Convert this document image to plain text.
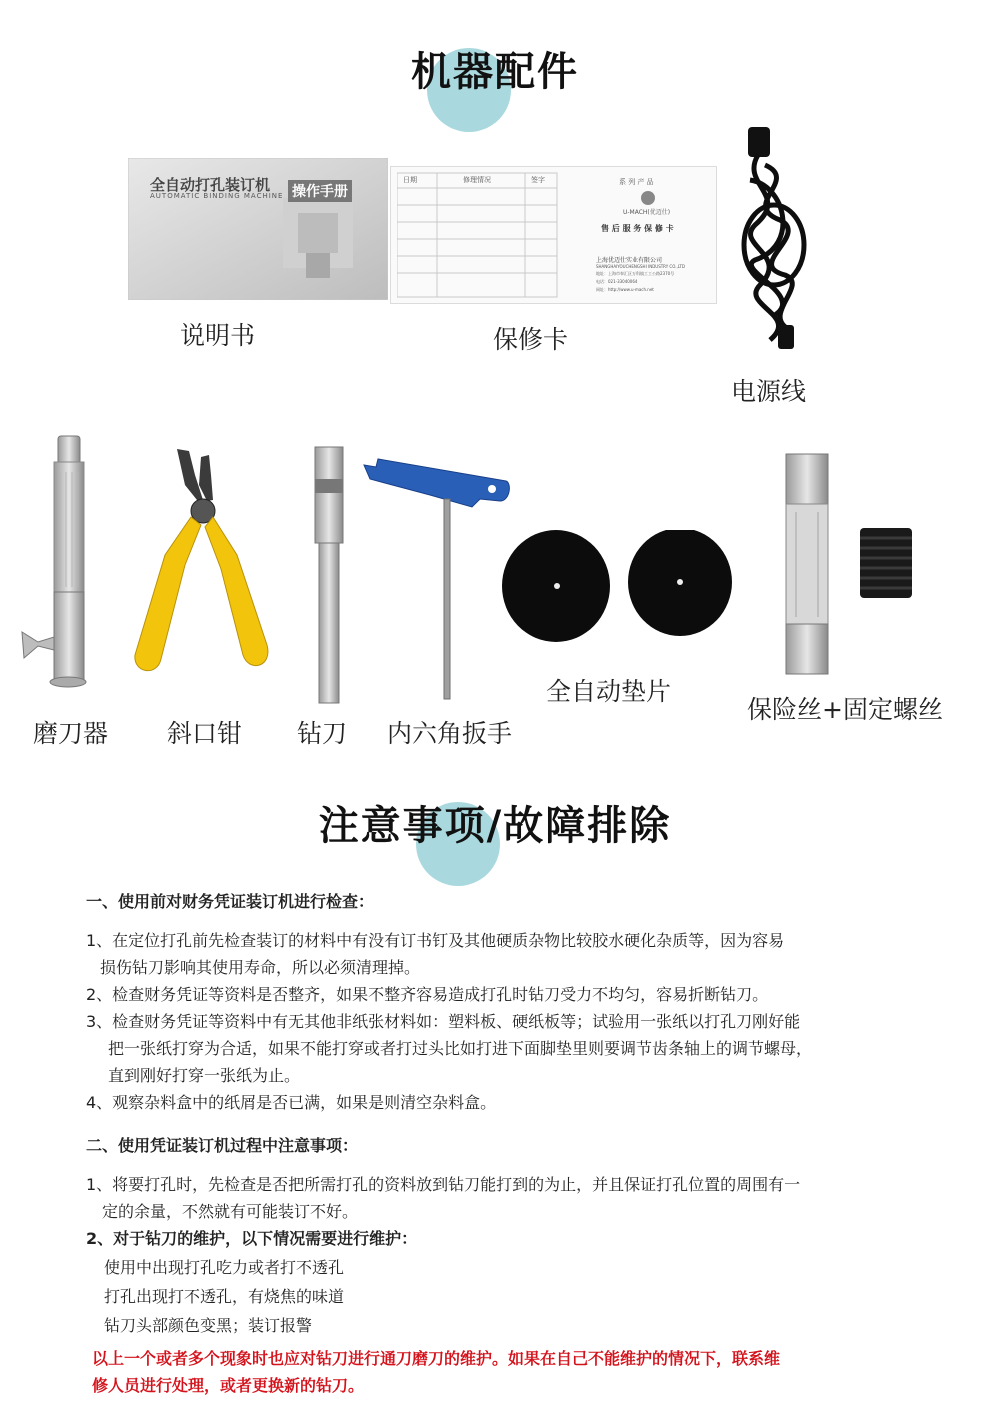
机器配件
全自动打孔装订机
AUTOMATIC BINDING MACHINE 操作手册
说明书
日期	修理情况	签字	系 列 产 品
U-MACH(优迈仕)
售 后 服 务 保 修 卡
上海优迈仕实业有限公司
SHANGHAIYOUCHENGSHI INDUSTRY CO.,LTD
地址：上海市奉汇区万科镇工工公路2370号
电话：021-33040064
网址：http://www.u-mach.net
保修卡
电源线
磨刀器 斜口钳 钻刀 内六角扳手
全自动垫片
保险丝+固定螺丝
注意事项/故障排除

一、使用前对财务凭证装订机进行检查：

1、在定位打孔前先检查装订的材料中有没有订书钉及其他硬质杂物比较胶水硬化杂质等，因为容易

损伤钻刀影响其使用寿命，所以必须清理掉。

2、检查财务凭证等资料是否整齐，如果不整齐容易造成打孔时钻刀受力不均匀，容易折断钻刀。

3、检查财务凭证等资料中有无其他非纸张材料如：塑料板、硬纸板等；试验用一张纸以打孔刀刚好能

把一张纸打穿为合适，如果不能打穿或者打过头比如打进下面脚垫里则要调节齿条轴上的调节螺母，

直到刚好打穿一张纸为止。

4、观察杂料盒中的纸屑是否已满，如果是则清空杂料盒。

二、使用凭证装订机过程中注意事项：

1、将要打孔时，先检查是否把所需打孔的资料放到钻刀能打到的为止，并且保证打孔位置的周围有一

定的余量，不然就有可能装订不好。

2、对于钻刀的维护，以下情况需要进行维护：

使用中出现打孔吃力或者打不透孔

打孔出现打不透孔，有烧焦的味道

钻刀头部颜色变黑；装订报警

以上一个或者多个现象时也应对钻刀进行通刀磨刀的维护。如果在自己不能维护的情况下，联系维

修人员进行处理，或者更换新的钻刀。
